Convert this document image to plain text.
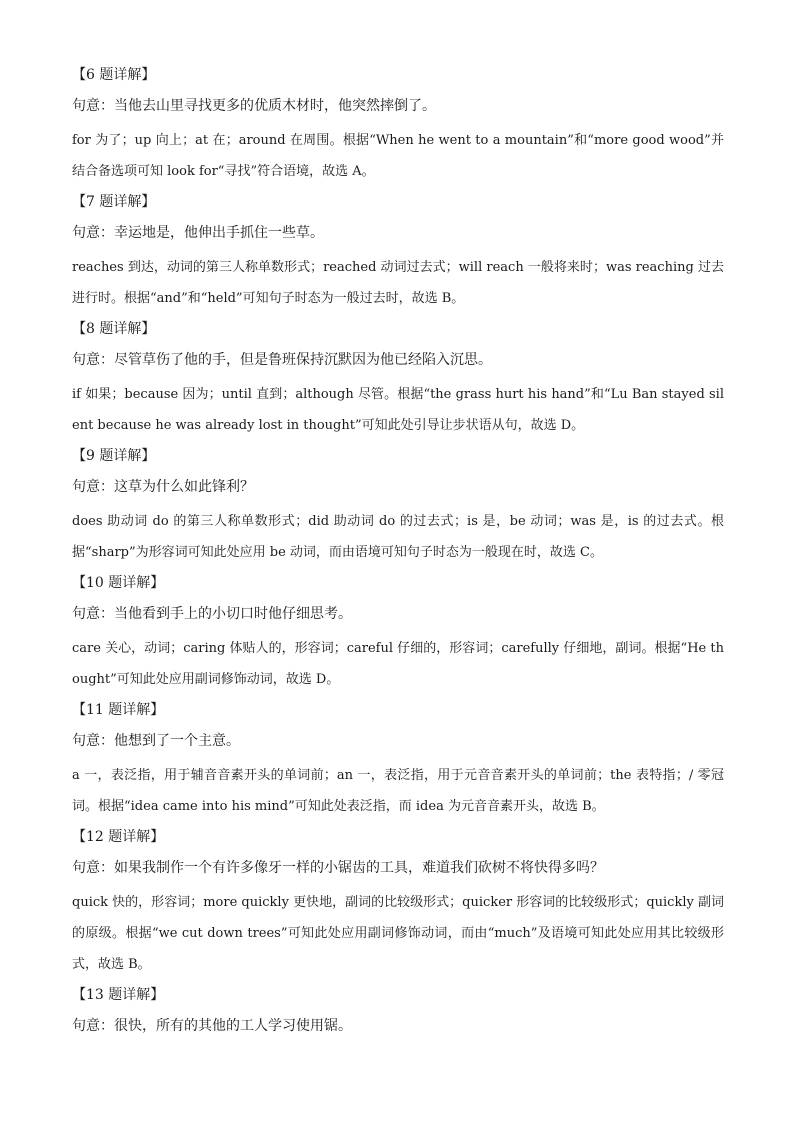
【6 题详解】
句意：当他去山里寻找更多的优质木材时，他突然摔倒了。
for 为了；up 向上；at 在；around 在周围。根据“When he went to a mountain”和“more good wood”并结合备选项可知 look for“寻找”符合语境，故选 A。
【7 题详解】
句意：幸运地是，他伸出手抓住一些草。
reaches 到达，动词的第三人称单数形式；reached 动词过去式；will reach 一般将来时；was reaching 过去进行时。根据“and”和“held”可知句子时态为一般过去时，故选 B。
【8 题详解】
句意：尽管草伤了他的手，但是鲁班保持沉默因为他已经陷入沉思。
if 如果；because 因为；until 直到；although 尽管。根据“the grass hurt his hand”和“Lu Ban stayed silent because he was already lost in thought”可知此处引导让步状语从句，故选 D。
【9 题详解】
句意：这草为什么如此锋利？
does 助动词 do 的第三人称单数形式；did 助动词 do 的过去式；is 是，be 动词；was 是，is 的过去式。根据“sharp”为形容词可知此处应用 be 动词，而由语境可知句子时态为一般现在时，故选 C。
【10 题详解】
句意：当他看到手上的小切口时他仔细思考。
care 关心，动词；caring 体贴人的，形容词；careful 仔细的，形容词；carefully 仔细地，副词。根据“He thought”可知此处应用副词修饰动词，故选 D。
【11 题详解】
句意：他想到了一个主意。
a 一，表泛指，用于辅音音素开头的单词前；an 一，表泛指，用于元音音素开头的单词前；the 表特指；/ 零冠词。根据“idea came into his mind”可知此处表泛指，而 idea 为元音音素开头，故选 B。
【12 题详解】
句意：如果我制作一个有许多像牙一样的小锯齿的工具，难道我们砍树不将快得多吗？
quick 快的，形容词；more quickly 更快地，副词的比较级形式；quicker 形容词的比较级形式；quickly 副词的原级。根据“we cut down trees”可知此处应用副词修饰动词，而由“much”及语境可知此处应用其比较级形式，故选 B。
【13 题详解】
句意：很快，所有的其他的工人学习使用锯。
